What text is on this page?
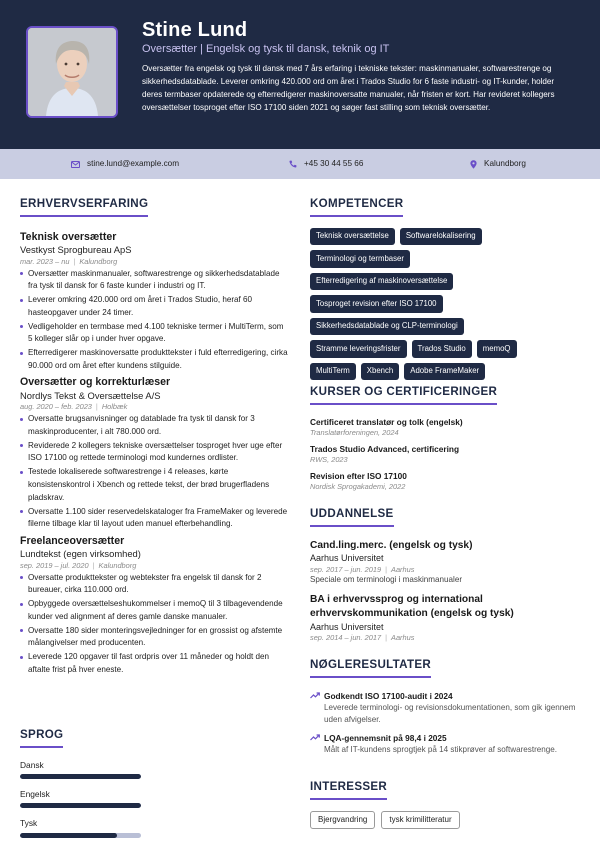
Stine Lund
Oversætter | Engelsk og tysk til dansk, teknik og IT
Oversætter fra engelsk og tysk til dansk med 7 års erfaring i tekniske tekster: maskinmanualer, softwarestrenge og sikkerhedsdatablade. Leverer omkring 420.000 ord om året i Trados Studio for 6 faste industri- og IT-kunder, holder deres termbaser opdaterede og efterredigerer maskinoversatte manualer, når fristen er kort. Har revideret kollegers oversættelser tosproget efter ISO 17100 siden 2021 og søger fast stilling som teknisk oversætter.
stine.lund@example.com	+45 30 44 55 66	Kalundborg
ERHVERVSERFARING
Teknisk oversætter
Vestkyst Sprogbureau ApS
mar. 2023 – nu | Kalundborg
Oversætter maskinmanualer, softwarestrenge og sikkerhedsdatablade fra tysk til dansk for 6 faste kunder i industri og IT.
Leverer omkring 420.000 ord om året i Trados Studio, heraf 60 hasteopgaver under 24 timer.
Vedligeholder en termbase med 4.100 tekniske termer i MultiTerm, som 5 kolleger slår op i under hver opgave.
Efterredigerer maskinoversatte produkttekster i fuld efterredigering, cirka 90.000 ord om året efter kundens stilguide.
Oversætter og korrekturlæser
Nordlys Tekst & Oversættelse A/S
aug. 2020 – feb. 2023 | Holbæk
Oversatte brugsanvisninger og datablade fra tysk til dansk for 3 maskinproducenter, i alt 780.000 ord.
Reviderede 2 kollegers tekniske oversættelser tosproget hver uge efter ISO 17100 og rettede terminologi mod kundernes ordlister.
Testede lokaliserede softwarestrenge i 4 releases, kørte konsistenskontrol i Xbench og rettede tekst, der brød brugerfladens pladskrav.
Oversatte 1.100 sider reservedelskataloger fra FrameMaker og leverede filerne tilbage klar til layout uden manuel efterbehandling.
Freelanceoversætter
Lundtekst (egen virksomhed)
sep. 2019 – jul. 2020 | Kalundborg
Oversatte produkttekster og webtekster fra engelsk til dansk for 2 bureauer, cirka 110.000 ord.
Opbyggede oversættelseshukommelser i memoQ til 3 tilbagevendende kunder ved alignment af deres gamle danske manualer.
Oversatte 180 sider monteringsvejledninger for en grossist og afstemte målangivelser med producenten.
Leverede 120 opgaver til fast ordpris over 11 måneder og holdt den aftalte frist på hver eneste.
SPROG
Dansk
Engelsk
Tysk
KOMPETENCER
Teknisk oversættelse	Softwarelokalisering
Terminologi og termbaser
Efterredigering af maskinoversættelse
Tosproget revision efter ISO 17100
Sikkerhedsdatablade og CLP-terminologi
Stramme leveringsfrister	Trados Studio	memoQ
MultiTerm	Xbench	Adobe FrameMaker
KURSER OG CERTIFICERINGER
Certificeret translatør og tolk (engelsk)
Translatørforeningen, 2024
Trados Studio Advanced, certificering
RWS, 2023
Revision efter ISO 17100
Nordisk Sprogakademi, 2022
UDDANNELSE
Cand.ling.merc. (engelsk og tysk)
Aarhus Universitet
sep. 2017 – jun. 2019 | Aarhus
Speciale om terminologi i maskinmanualer
BA i erhvervssprog og international erhvervskommunikation (engelsk og tysk)
Aarhus Universitet
sep. 2014 – jun. 2017 | Aarhus
NØGLERESULTATER
Godkendt ISO 17100-audit i 2024
Leverede terminologi- og revisionsdokumentationen, som gik igennem uden afvigelser.
LQA-gennemsnit på 98,4 i 2025
Målt af IT-kundens sprogtjek på 14 stikprøver af softwarestrenge.
INTERESSER
Bjergvandring	tysk krimilitteratur
